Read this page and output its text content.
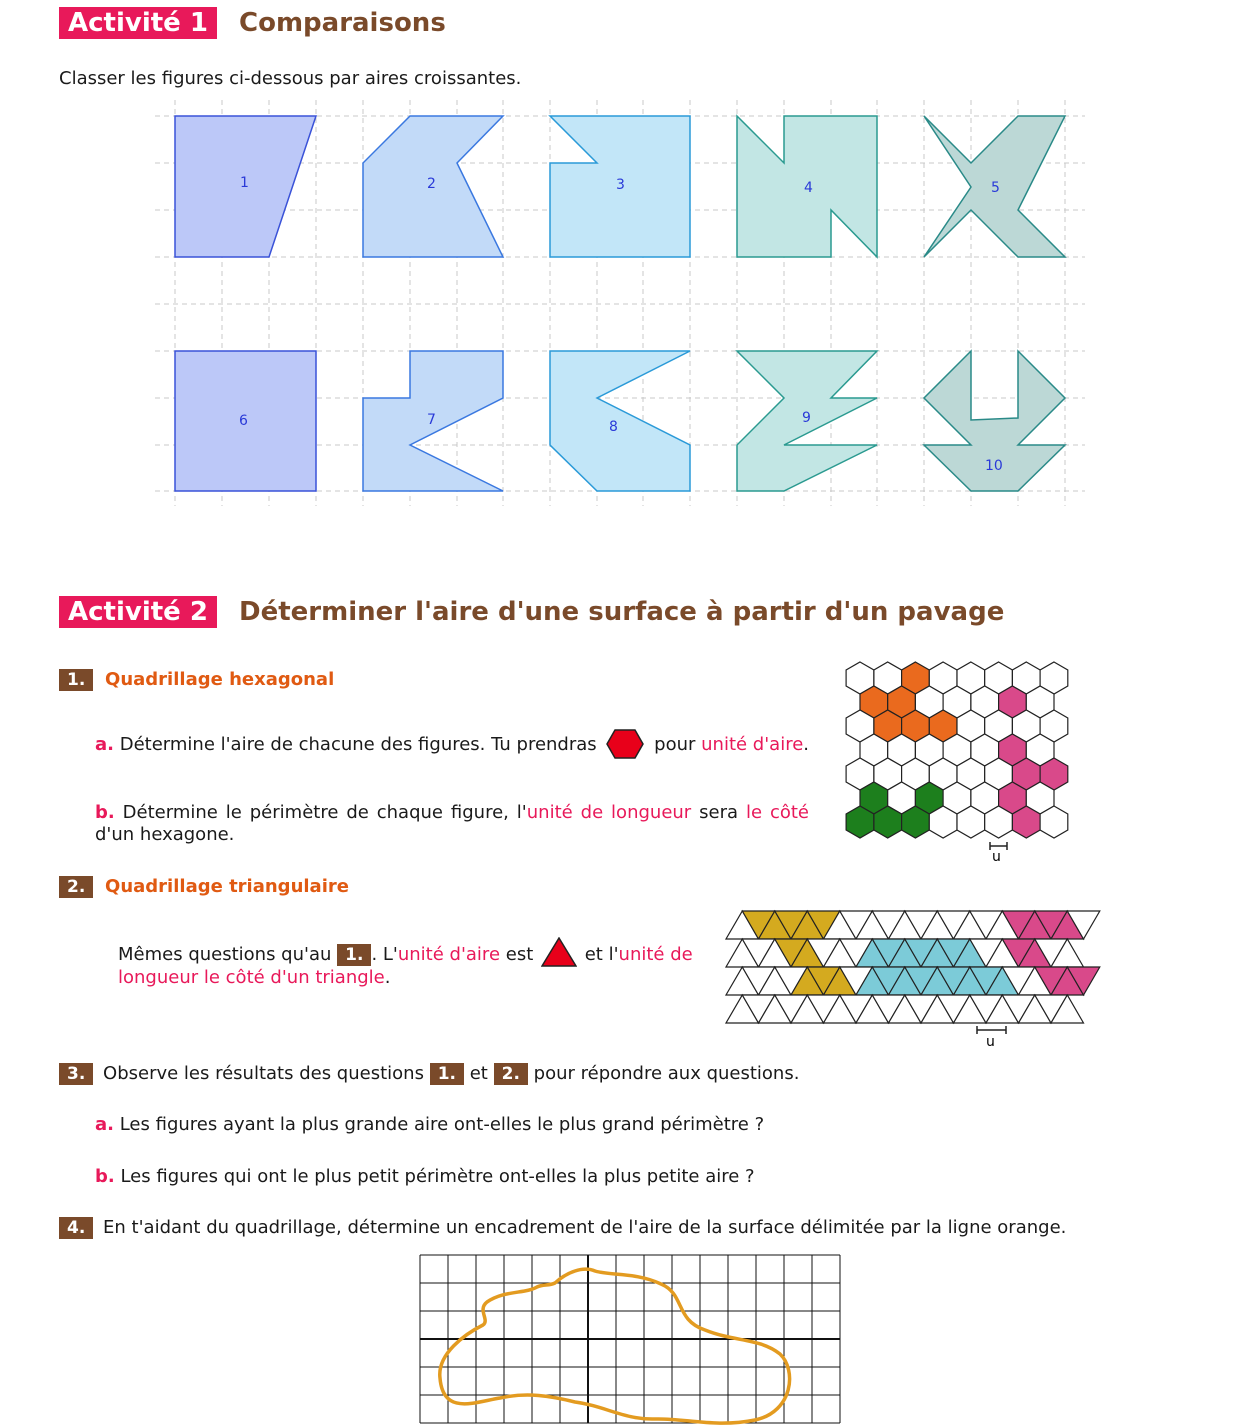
Activité 1	Comparaisons
Classer les figures ci-dessous par aires croissantes.
1	2	3	4	5
6	7	8
9
10
Activité 2	Déterminer l'aire d'une surface à partir d'un pavage
1. Quadrillage hexagonal
a. Détermine l'aire de chacune des figures. Tu prendras	pour unité d'aire.
b. Détermine le périmètre de chaque figure, l'unité de longueur sera le côté d'un hexagone.
u
2. Quadrillage triangulaire
Mêmes questions qu'au 1. . L'unité d'aire est	et l'unité de longueur le côté d'un triangle.
u
3. Observe les résultats des questions 1. et 2. pour répondre aux questions.
a. Les figures ayant la plus grande aire ont-elles le plus grand périmètre ?
b. Les figures qui ont le plus petit périmètre ont-elles la plus petite aire ?
4. En t'aidant du quadrillage, détermine un encadrement de l'aire de la surface délimitée par la ligne orange.
